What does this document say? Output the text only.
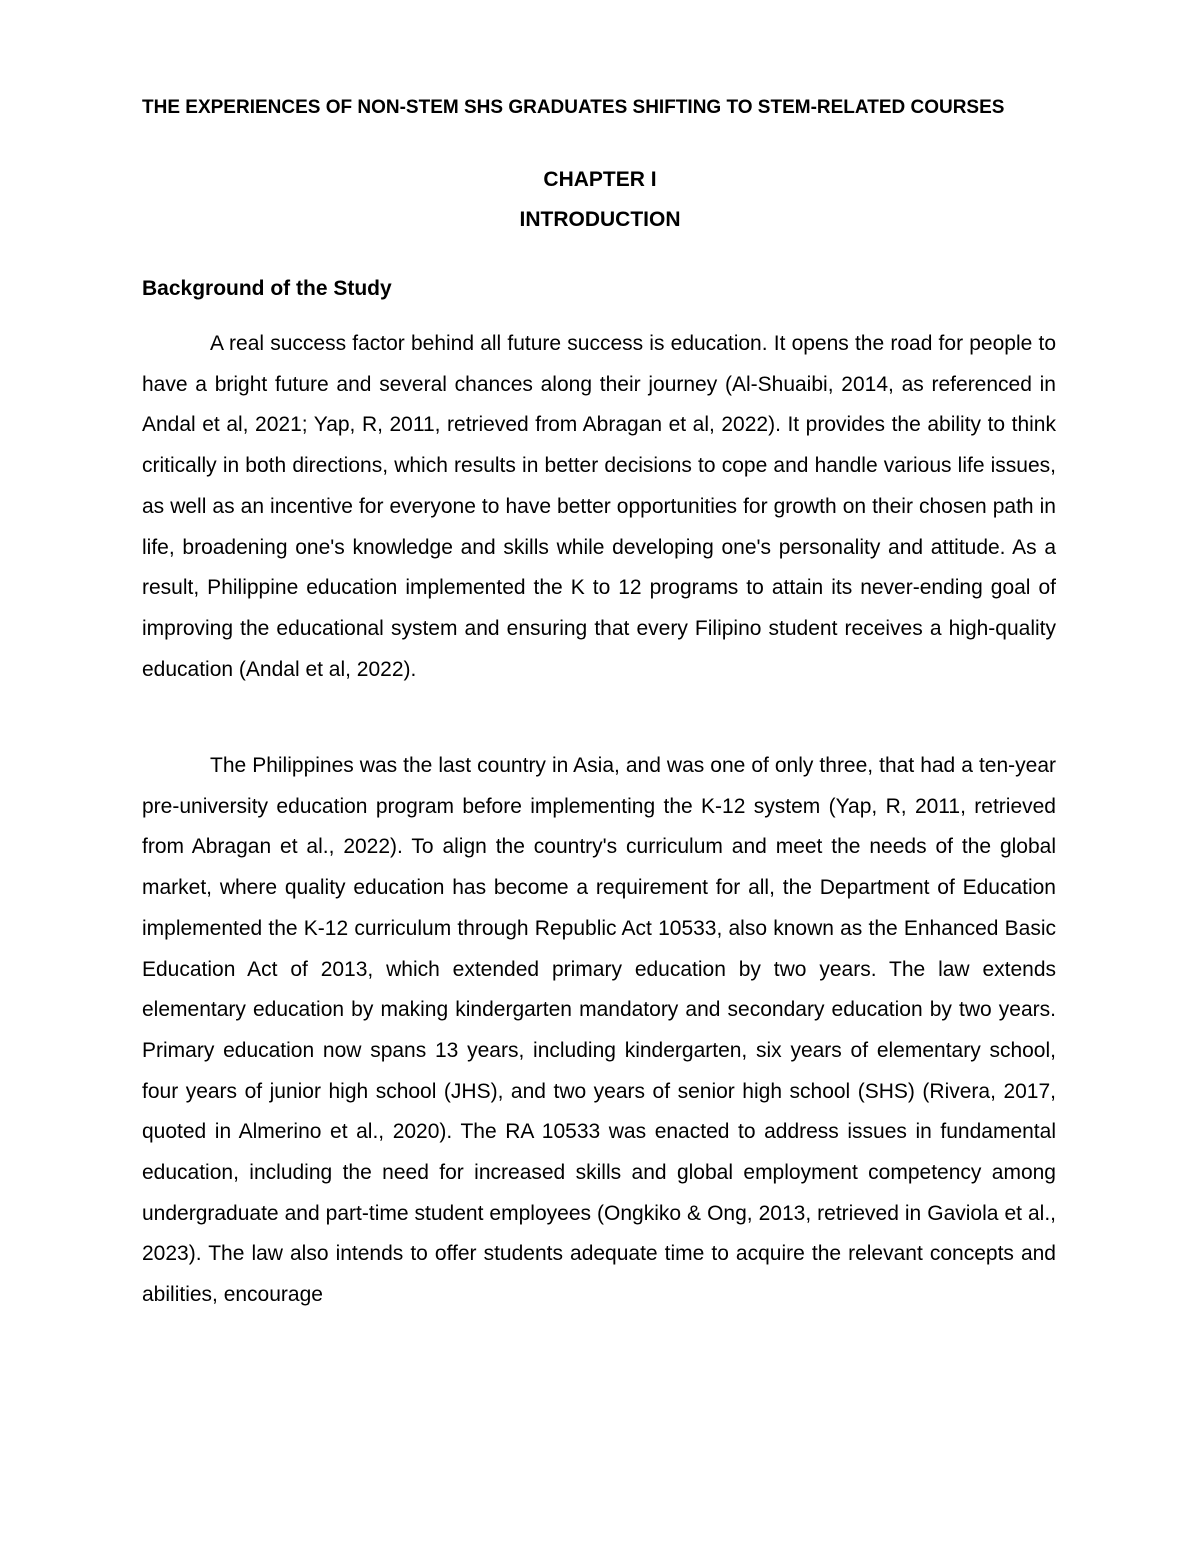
THE EXPERIENCES OF NON-STEM SHS GRADUATES SHIFTING TO STEM-RELATED COURSES
CHAPTER I
INTRODUCTION
Background of the Study

A real success factor behind all future success is education. It opens the road for people to have a bright future and several chances along their journey (Al-Shuaibi, 2014, as referenced in Andal et al, 2021; Yap, R, 2011, retrieved from Abragan et al, 2022). It provides the ability to think critically in both directions, which results in better decisions to cope and handle various life issues, as well as an incentive for everyone to have better opportunities for growth on their chosen path in life, broadening one's knowledge and skills while developing one's personality and attitude. As a result, Philippine education implemented the K to 12 programs to attain its never-ending goal of improving the educational system and ensuring that every Filipino student receives a high-quality education (Andal et al, 2022).

The Philippines was the last country in Asia, and was one of only three, that had a ten-year pre-university education program before implementing the K-12 system (Yap, R, 2011, retrieved from Abragan et al., 2022). To align the country's curriculum and meet the needs of the global market, where quality education has become a requirement for all, the Department of Education implemented the K-12 curriculum through Republic Act 10533, also known as the Enhanced Basic Education Act of 2013, which extended primary education by two years. The law extends elementary education by making kindergarten mandatory and secondary education by two years. Primary education now spans 13 years, including kindergarten, six years of elementary school, four years of junior high school (JHS), and two years of senior high school (SHS) (Rivera, 2017, quoted in Almerino et al., 2020). The RA 10533 was enacted to address issues in fundamental education, including the need for increased skills and global employment competency among undergraduate and part-time student employees (Ongkiko & Ong, 2013, retrieved in Gaviola et al., 2023). The law also intends to offer students adequate time to acquire the relevant concepts and abilities, encourage
